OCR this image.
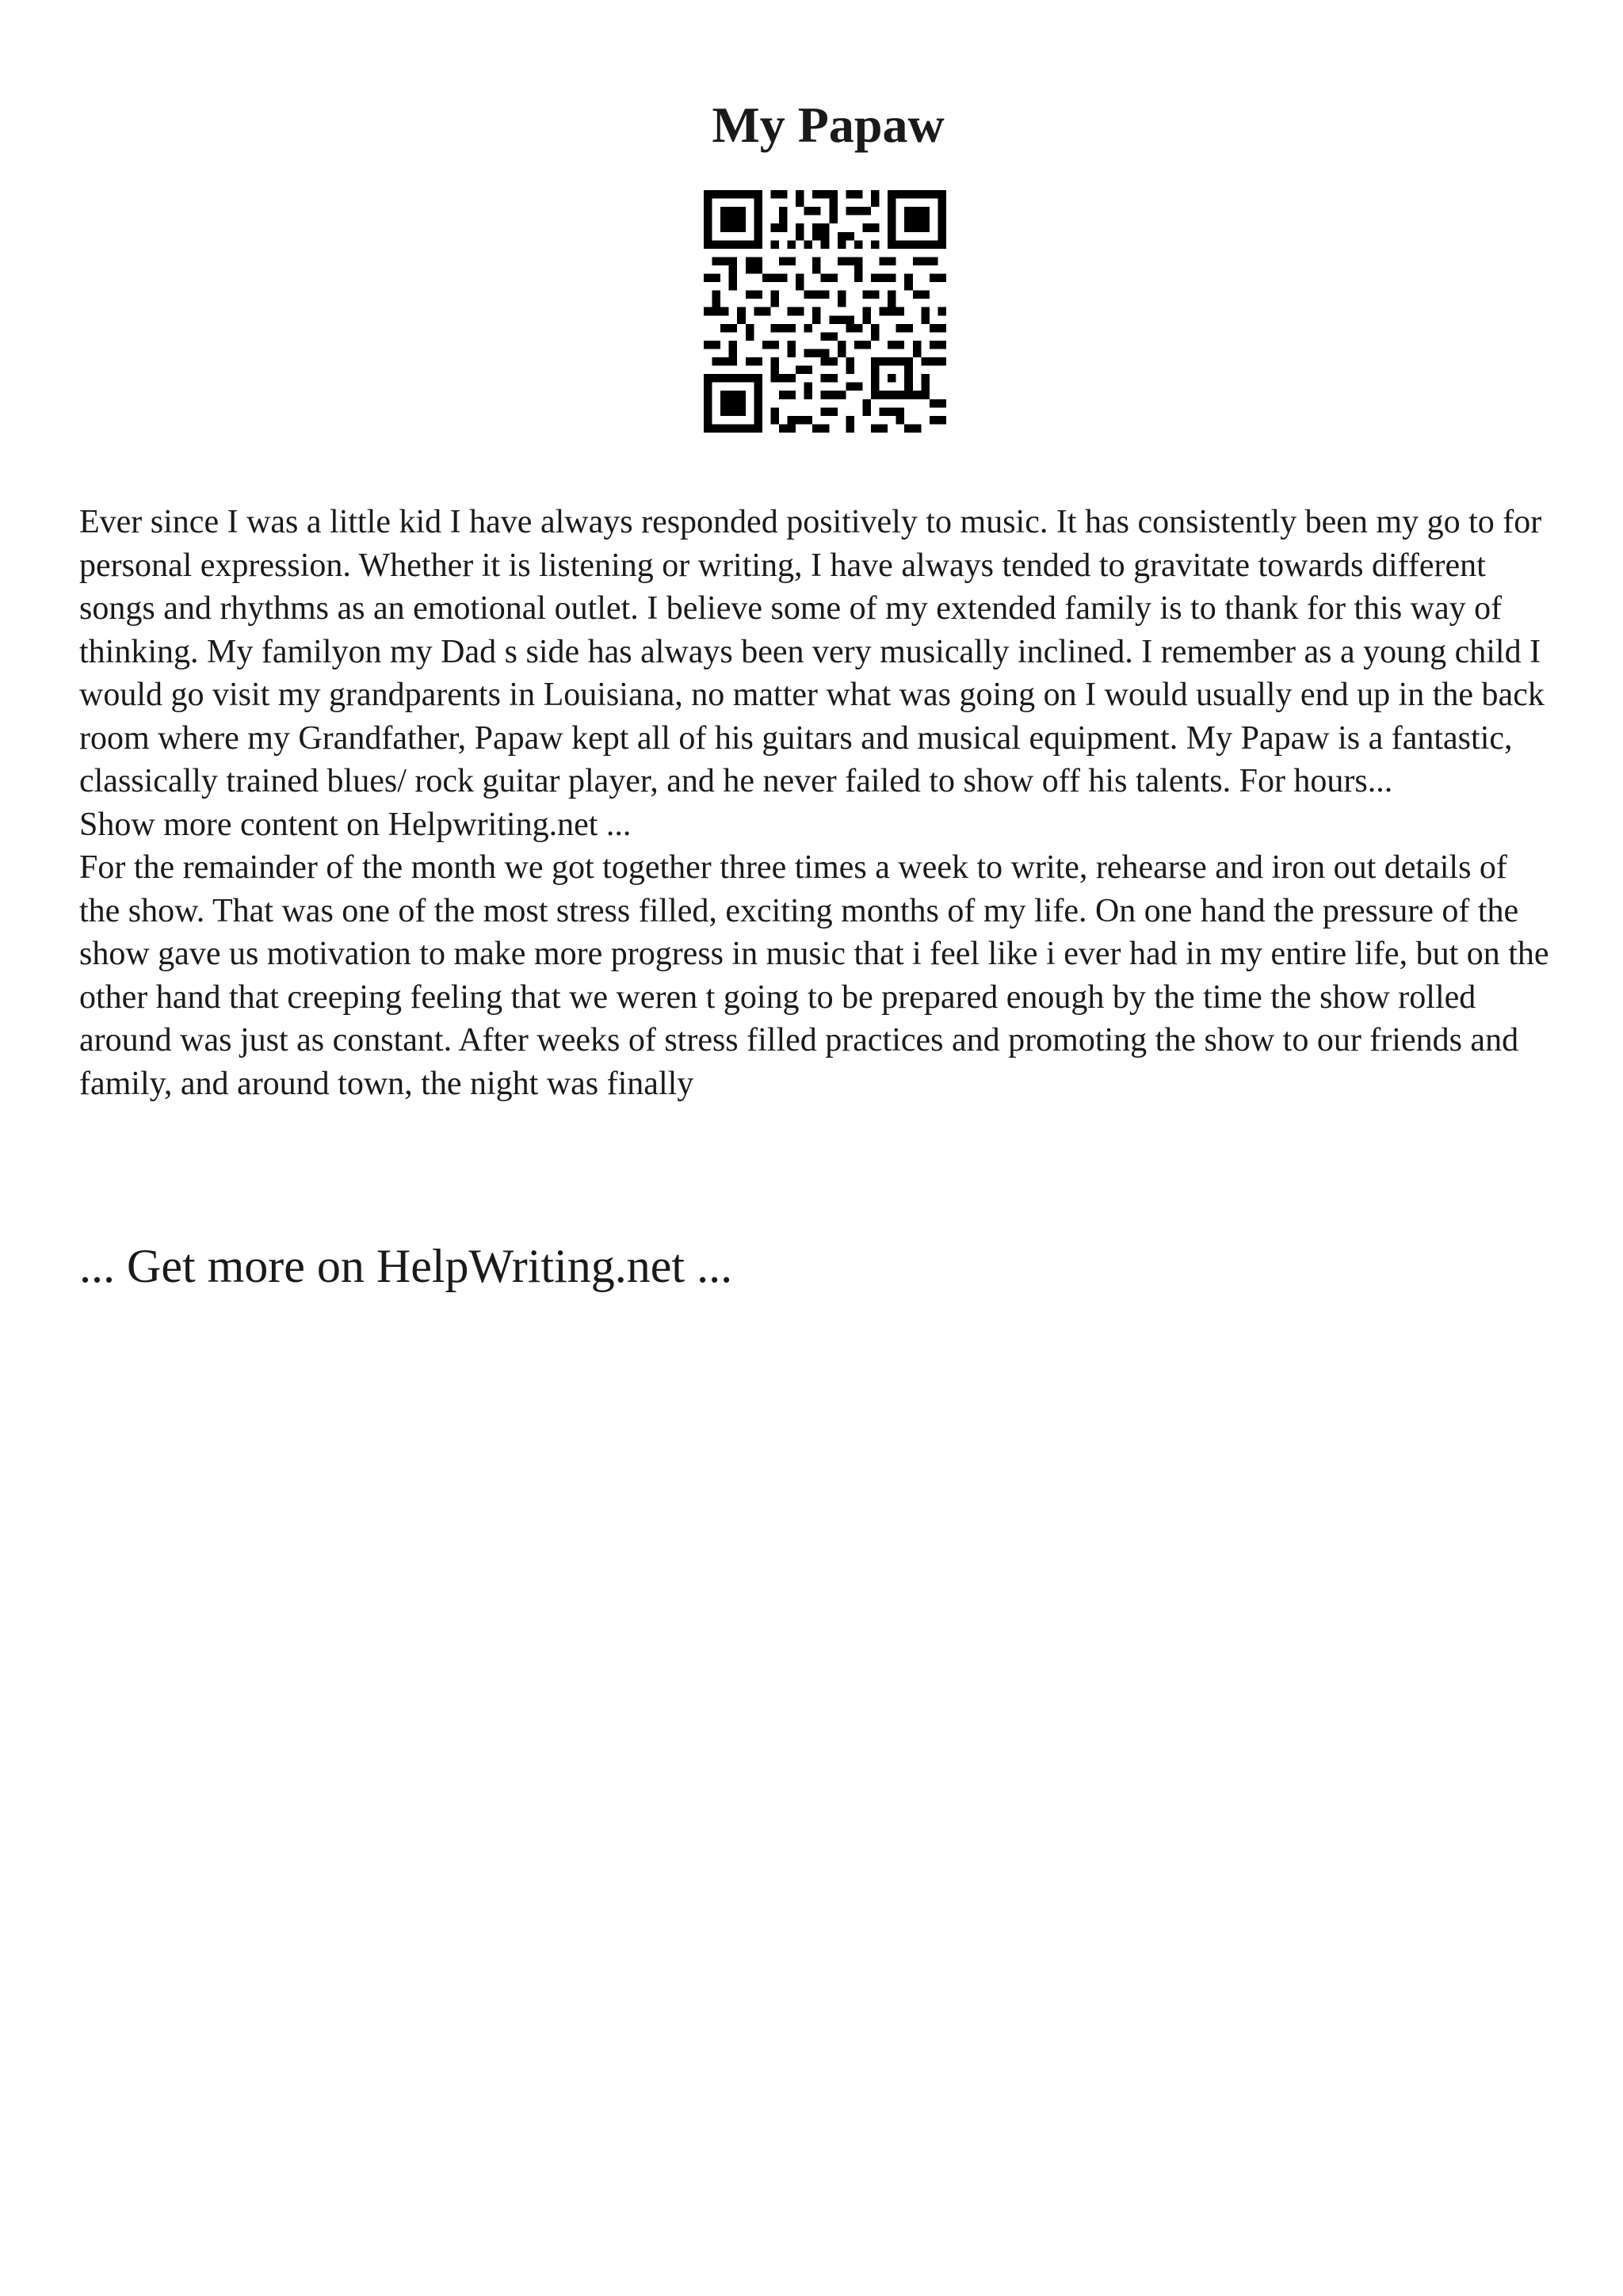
My Papaw

Ever since I was a little kid I have always responded positively to music. It has consistently been my go to for personal expression. Whether it is listening or writing, I have always tended to gravitate towards different songs and rhythms as an emotional outlet. I believe some of my extended family is to thank for this way of thinking. My familyon my Dad s side has always been very musically inclined. I remember as a young child I would go visit my grandparents in Louisiana, no matter what was going on I would usually end up in the back room where my Grandfather, Papaw kept all of his guitars and musical equipment. My Papaw is a fantastic, classically trained blues/ rock guitar player, and he never failed to show off his talents. For hours...

Show more content on Helpwriting.net ...

For the remainder of the month we got together three times a week to write, rehearse and iron out details of the show. That was one of the most stress filled, exciting months of my life. On one hand the pressure of the show gave us motivation to make more progress in music that i feel like i ever had in my entire life, but on the other hand that creeping feeling that we weren t going to be prepared enough by the time the show rolled around was just as constant. After weeks of stress filled practices and promoting the show to our friends and family, and around town, the night was finally

... Get more on HelpWriting.net ...
